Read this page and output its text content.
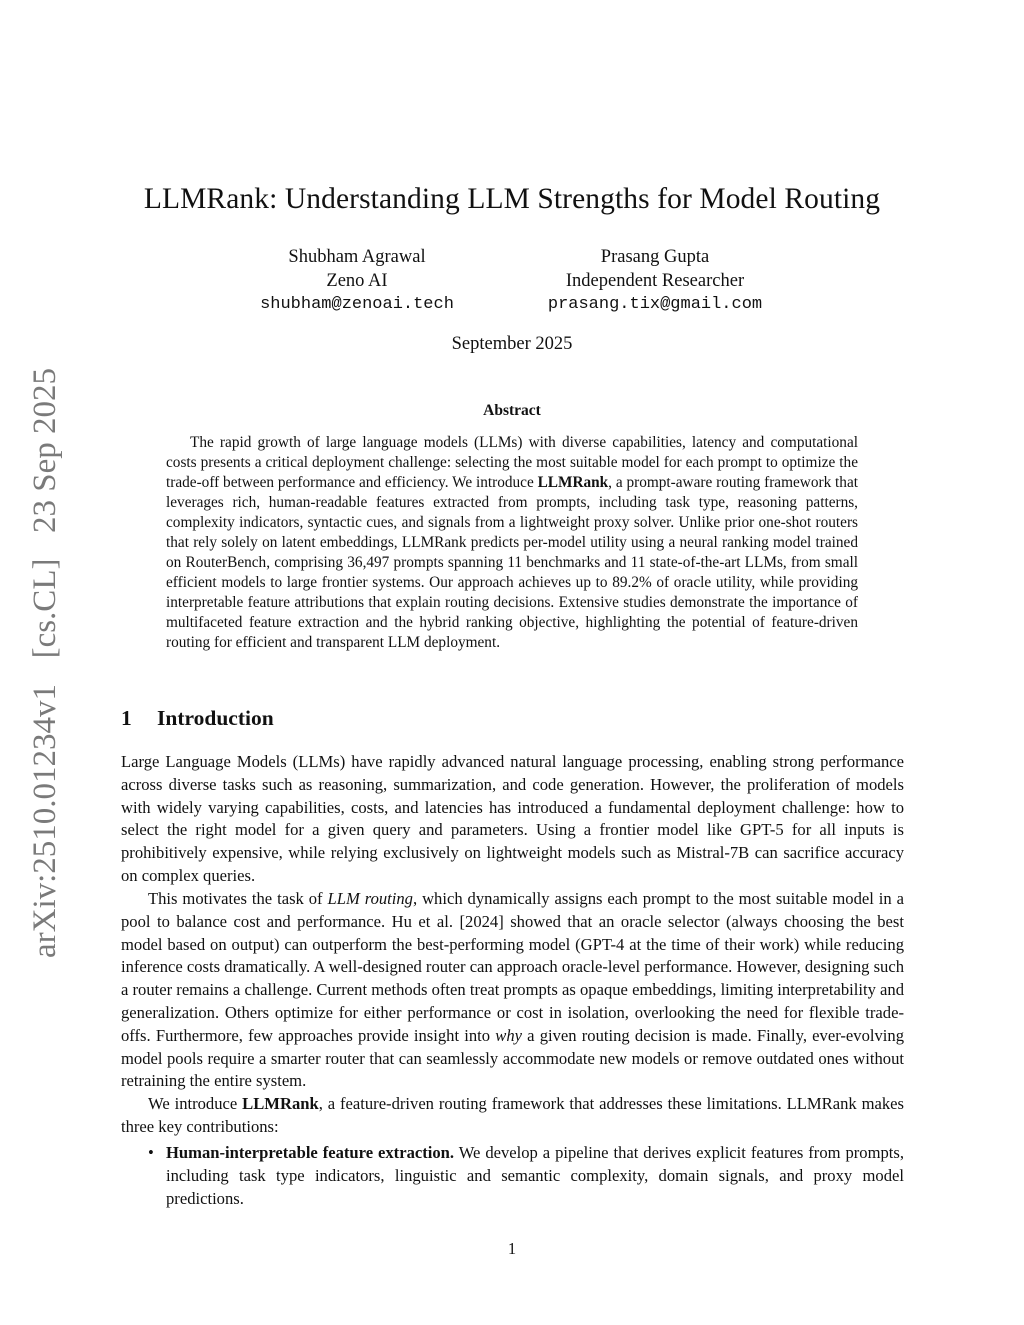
arXiv:2510.01234v1
[cs.CL]
23 Sep 2025
LLMRank: Understanding LLM Strengths for Model Routing
Shubham Agrawal
Zeno AI
shubham@zenoai.tech
Prasang Gupta
Independent Researcher
prasang.tix@gmail.com
September 2025
Abstract

The rapid growth of large language models (LLMs) with diverse capabilities, latency and computational costs presents a critical deployment challenge: selecting the most suitable model for each prompt to optimize the trade-off between performance and efficiency. We introduce LLMRank, a prompt-aware routing framework that leverages rich, human-readable features extracted from prompts, including task type, reasoning patterns, complexity indicators, syntactic cues, and signals from a lightweight proxy solver. Unlike prior one-shot routers that rely solely on latent embeddings, LLMRank predicts per-model utility using a neural ranking model trained on RouterBench, comprising 36,497 prompts spanning 11 benchmarks and 11 state-of-the-art LLMs, from small efficient models to large frontier systems. Our approach achieves up to 89.2% of oracle utility, while providing interpretable feature attributions that explain routing decisions. Extensive studies demonstrate the importance of multifaceted feature extraction and the hybrid ranking objective, highlighting the potential of feature-driven routing for efficient and transparent LLM deployment.

1 Introduction

Large Language Models (LLMs) have rapidly advanced natural language processing, enabling strong performance across diverse tasks such as reasoning, summarization, and code generation. However, the proliferation of models with widely varying capabilities, costs, and latencies has introduced a fundamental deployment challenge: how to select the right model for a given query and parameters. Using a frontier model like GPT-5 for all inputs is prohibitively expensive, while relying exclusively on lightweight models such as Mistral-7B can sacrifice accuracy on complex queries.

This motivates the task of LLM routing, which dynamically assigns each prompt to the most suitable model in a pool to balance cost and performance. Hu et al. [2024] showed that an oracle selector (always choosing the best model based on output) can outperform the best-performing model (GPT-4 at the time of their work) while reducing inference costs dramatically. A well-designed router can approach oracle-level performance. However, designing such a router remains a challenge. Current methods often treat prompts as opaque embeddings, limiting interpretability and generalization. Others optimize for either performance or cost in isolation, overlooking the need for flexible trade-offs. Furthermore, few approaches provide insight into why a given routing decision is made. Finally, ever-evolving model pools require a smarter router that can seamlessly accommodate new models or remove outdated ones without retraining the entire system.

We introduce LLMRank, a feature-driven routing framework that addresses these limitations. LLMRank makes three key contributions:

• Human-interpretable feature extraction. We develop a pipeline that derives explicit features from prompts, including task type indicators, linguistic and semantic complexity, domain signals, and proxy model predictions.
1
